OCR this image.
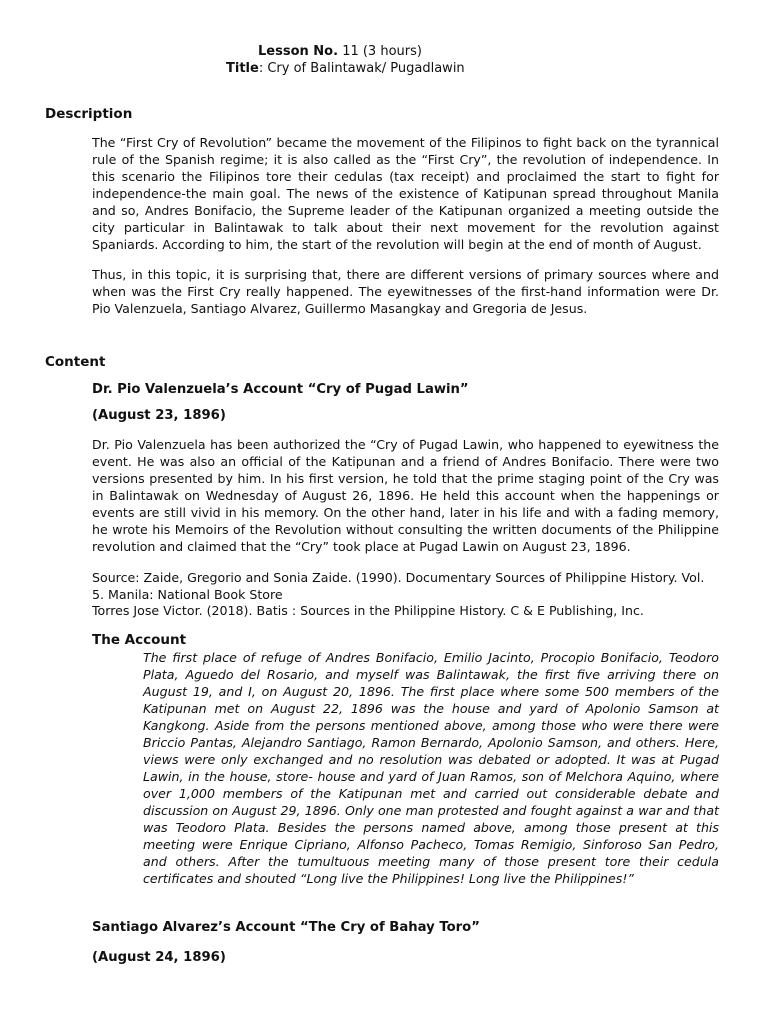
Lesson No. 11 (3 hours)
Title: Cry of Balintawak/ Pugadlawin
Description

The “First Cry of Revolution” became the movement of the Filipinos to fight back on the tyrannical rule of the Spanish regime; it is also called as the “First Cry”, the revolution of independence. In this scenario the Filipinos tore their cedulas (tax receipt) and proclaimed the start to fight for independence-the main goal. The news of the existence of Katipunan spread throughout Manila and so, Andres Bonifacio, the Supreme leader of the Katipunan organized a meeting outside the city particular in Balintawak to talk about their next movement for the revolution against Spaniards. According to him, the start of the revolution will begin at the end of month of August.

Thus, in this topic, it is surprising that, there are different versions of primary sources where and when was the First Cry really happened. The eyewitnesses of the first-hand information were Dr. Pio Valenzuela, Santiago Alvarez, Guillermo Masangkay and Gregoria de Jesus.

Content
Dr. Pio Valenzuela’s Account “Cry of Pugad Lawin”
(August 23, 1896)

Dr. Pio Valenzuela has been authorized the “Cry of Pugad Lawin, who happened to eyewitness the event. He was also an official of the Katipunan and a friend of Andres Bonifacio. There were two versions presented by him. In his first version, he told that the prime staging point of the Cry was in Balintawak on Wednesday of August 26, 1896. He held this account when the happenings or events are still vivid in his memory. On the other hand, later in his life and with a fading memory, he wrote his Memoirs of the Revolution without consulting the written documents of the Philippine revolution and claimed that the “Cry” took place at Pugad Lawin on August 23, 1896.

Source: Zaide, Gregorio and Sonia Zaide. (1990). Documentary Sources of Philippine History. Vol. 5. Manila: National Book Store

Torres Jose Victor. (2018). Batis : Sources in the Philippine History. C & E Publishing, Inc.

The Account

The first place of refuge of Andres Bonifacio, Emilio Jacinto, Procopio Bonifacio, Teodoro Plata, Aguedo del Rosario, and myself was Balintawak, the first five arriving there on August 19, and I, on August 20, 1896. The first place where some 500 members of the Katipunan met on August 22, 1896 was the house and yard of Apolonio Samson at Kangkong. Aside from the persons mentioned above, among those who were there were Briccio Pantas, Alejandro Santiago, Ramon Bernardo, Apolonio Samson, and others. Here, views were only exchanged and no resolution was debated or adopted. It was at Pugad Lawin, in the house, store- house and yard of Juan Ramos, son of Melchora Aquino, where over 1,000 members of the Katipunan met and carried out considerable debate and discussion on August 29, 1896. Only one man protested and fought against a war and that was Teodoro Plata. Besides the persons named above, among those present at this meeting were Enrique Cipriano, Alfonso Pacheco, Tomas Remigio, Sinforoso San Pedro, and others. After the tumultuous meeting many of those present tore their cedula certificates and shouted “Long live the Philippines! Long live the Philippines!”

Santiago Alvarez’s Account “The Cry of Bahay Toro”
(August 24, 1896)
